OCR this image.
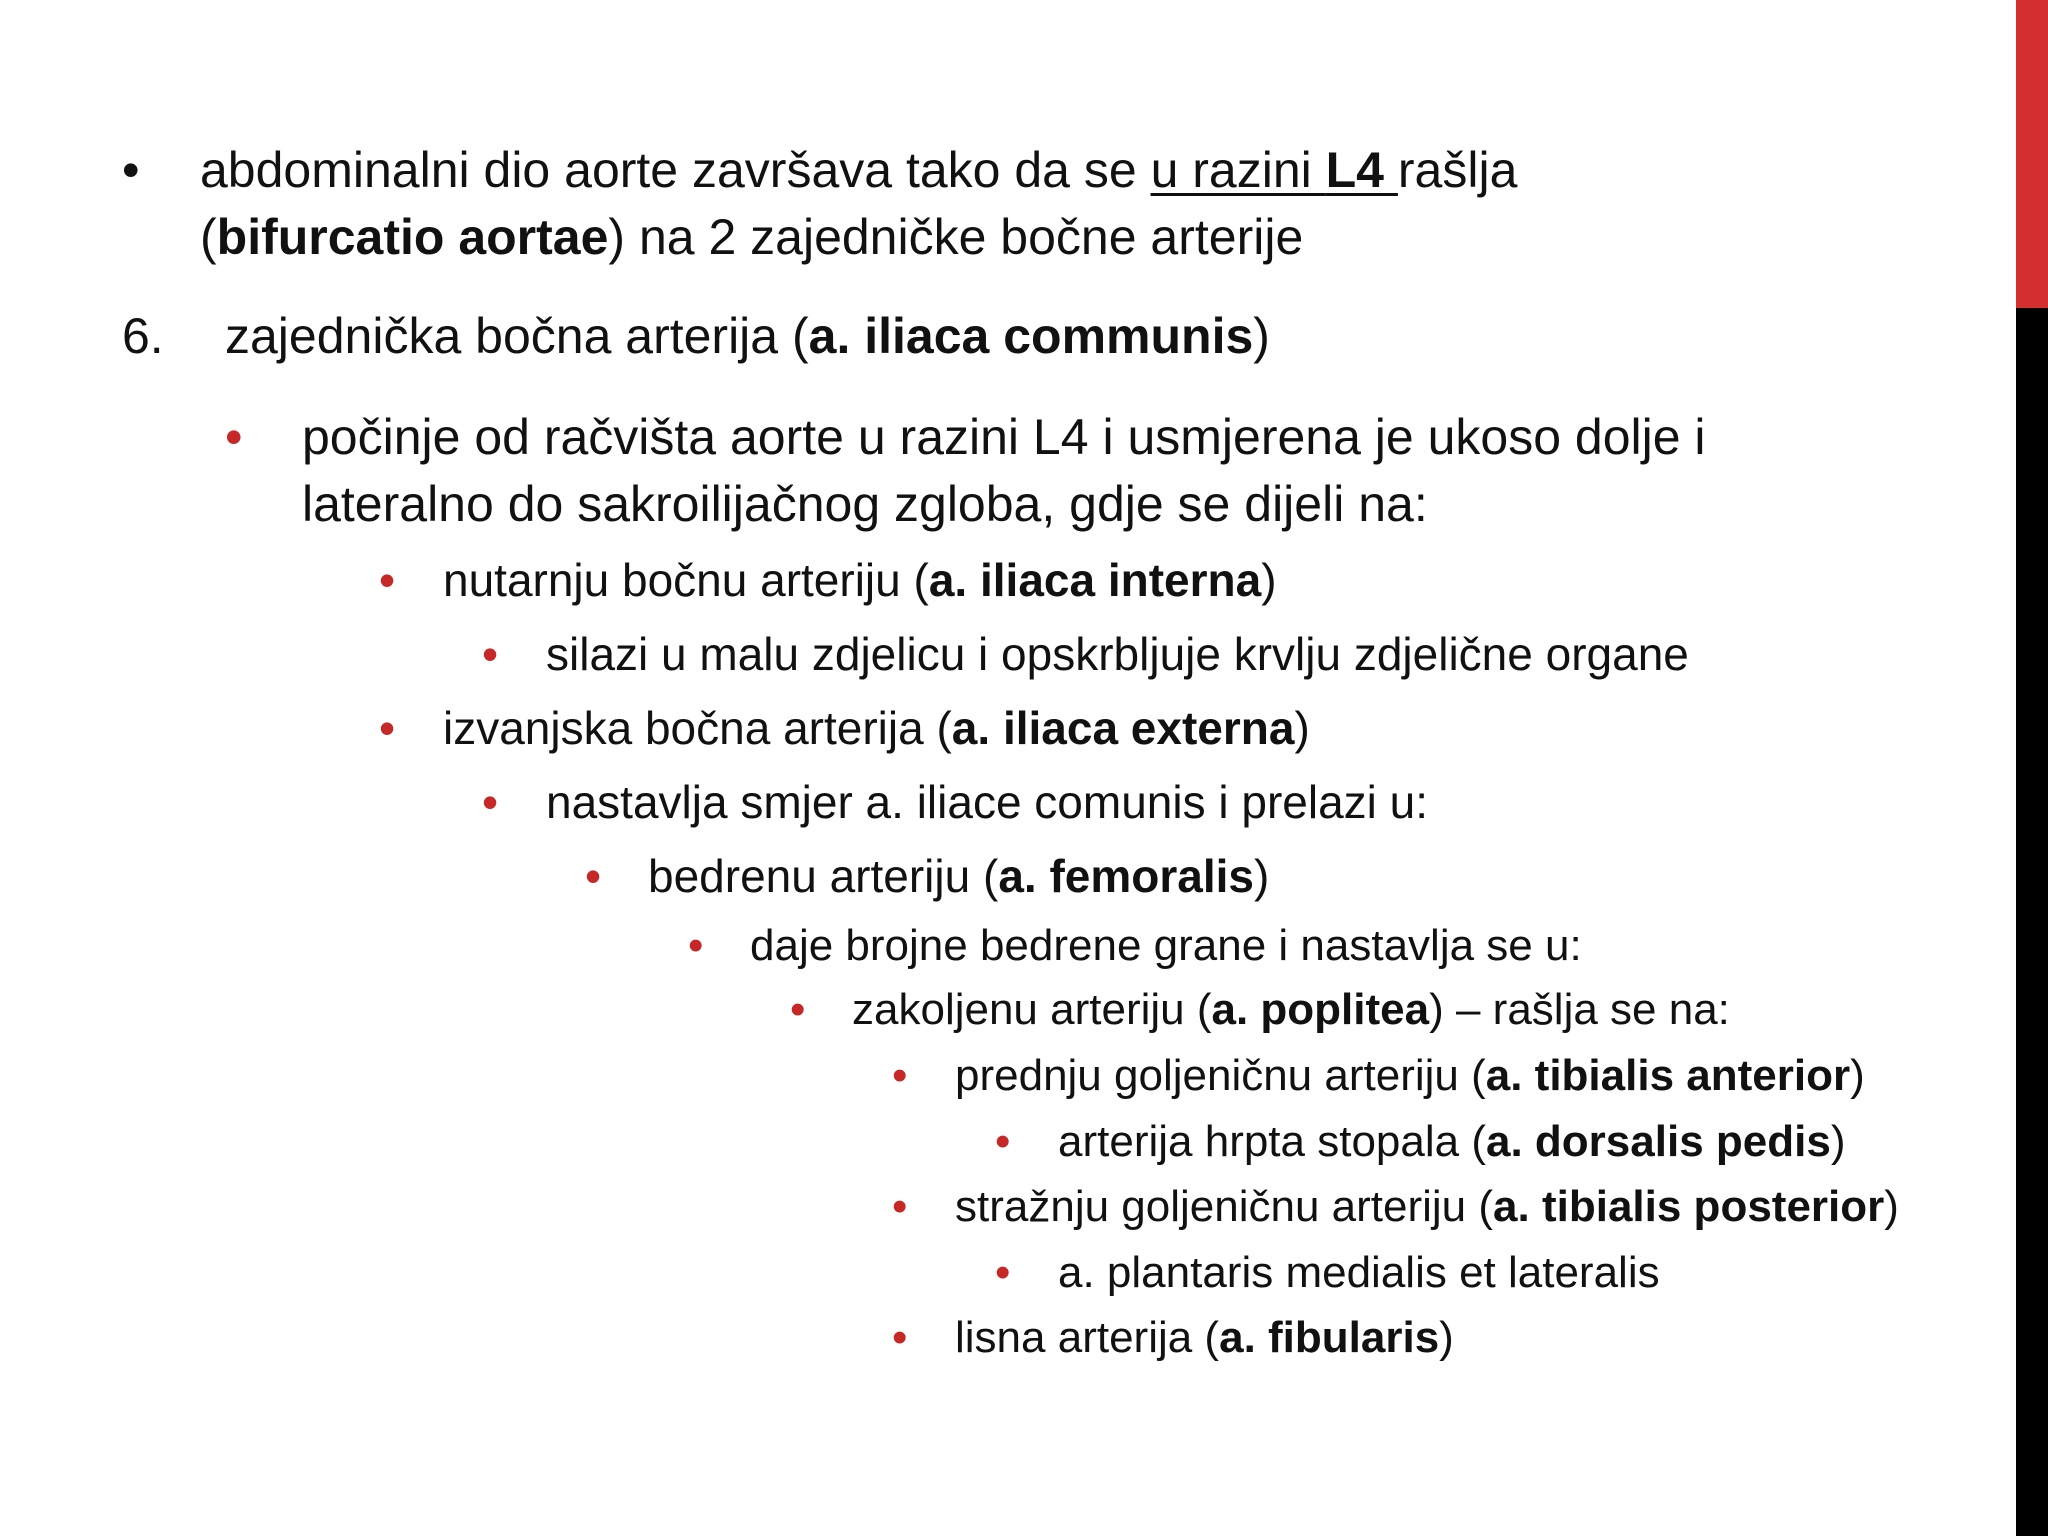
• abdominalni dio aorte završava tako da se u razini L4 rašlja
(bifurcatio aortae) na 2 zajedničke bočne arterije
6. zajednička bočna arterija (a. iliaca communis)
• počinje od račvišta aorte u razini L4 i usmjerena je ukoso dolje i
lateralno do sakroilijačnog zgloba, gdje se dijeli na:
• nutarnju bočnu arteriju (a. iliaca interna)
• silazi u malu zdjelicu i opskrbljuje krvlju zdjelične organe
• izvanjska bočna arterija (a. iliaca externa)
• nastavlja smjer a. iliace comunis i prelazi u:
• bedrenu arteriju (a. femoralis)
• daje brojne bedrene grane i nastavlja se u:
• zakoljenu arteriju (a. poplitea) – rašlja se na:
• prednju goljeničnu arteriju (a. tibialis anterior)
• arterija hrpta stopala (a. dorsalis pedis)
• stražnju goljeničnu arteriju (a. tibialis posterior)
• a. plantaris medialis et lateralis
• lisna arterija (a. fibularis)
